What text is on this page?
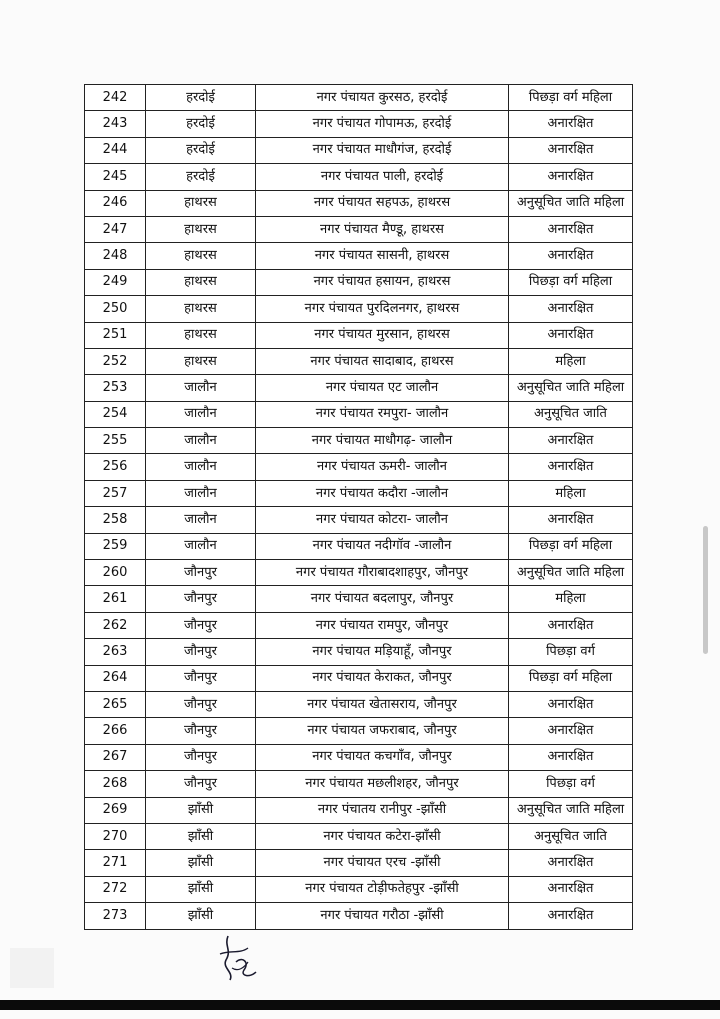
242	हरदोई	नगर पंचायत कुरसठ, हरदोई	पिछड़ा वर्ग महिला
243	हरदोई	नगर पंचायत गोपामऊ, हरदोई	अनारक्षित
244	हरदोई	नगर पंचायत माधौगंज, हरदोई	अनारक्षित
245	हरदोई	नगर पंचायत पाली, हरदोई	अनारक्षित
246	हाथरस	नगर पंचायत सहपऊ, हाथरस	अनुसूचित जाति महिला
247	हाथरस	नगर पंचायत मैण्डू, हाथरस	अनारक्षित
248	हाथरस	नगर पंचायत सासनी, हाथरस	अनारक्षित
249	हाथरस	नगर पंचायत हसायन, हाथरस	पिछड़ा वर्ग महिला
250	हाथरस	नगर पंचायत पुरदिलनगर, हाथरस	अनारक्षित
251	हाथरस	नगर पंचायत मुरसान, हाथरस	अनारक्षित
252	हाथरस	नगर पंचायत सादाबाद, हाथरस	महिला
253	जालौन	नगर पंचायत एट जालौन	अनुसूचित जाति महिला
254	जालौन	नगर पंचायत रमपुरा- जालौन	अनुसूचित जाति
255	जालौन	नगर पंचायत माधौगढ़- जालौन	अनारक्षित
256	जालौन	नगर पंचायत ऊमरी- जालौन	अनारक्षित
257	जालौन	नगर पंचायत कदौरा -जालौन	महिला
258	जालौन	नगर पंचायत कोटरा- जालौन	अनारक्षित
259	जालौन	नगर पंचायत नदीगॉव -जालौन	पिछड़ा वर्ग महिला
260	जौनपुर	नगर पंचायत गौराबादशाहपुर, जौनपुर	अनुसूचित जाति महिला
261	जौनपुर	नगर पंचायत बदलापुर, जौनपुर	महिला
262	जौनपुर	नगर पंचायत रामपुर, जौनपुर	अनारक्षित
263	जौनपुर	नगर पंचायत मड़ियाहूँ, जौनपुर	पिछड़ा वर्ग
264	जौनपुर	नगर पंचायत केराकत, जौनपुर	पिछड़ा वर्ग महिला
265	जौनपुर	नगर पंचायत खेतासराय, जौनपुर	अनारक्षित
266	जौनपुर	नगर पंचायत जफराबाद, जौनपुर	अनारक्षित
267	जौनपुर	नगर पंचायत कचगाँव, जौनपुर	अनारक्षित
268	जौनपुर	नगर पंचायत मछलीशहर, जौनपुर	पिछड़ा वर्ग
269	झाँसी	नगर पंचातय रानीपुर -झाँसी	अनुसूचित जाति महिला
270	झाँसी	नगर पंचायत कटेरा-झाँसी	अनुसूचित जाति
271	झाँसी	नगर पंचायत एरच -झाँसी	अनारक्षित
272	झाँसी	नगर पंचायत टोड़ीफतेहपुर -झाँसी	अनारक्षित
273	झाँसी	नगर पंचायत गरौठा -झाँसी	अनारक्षित
